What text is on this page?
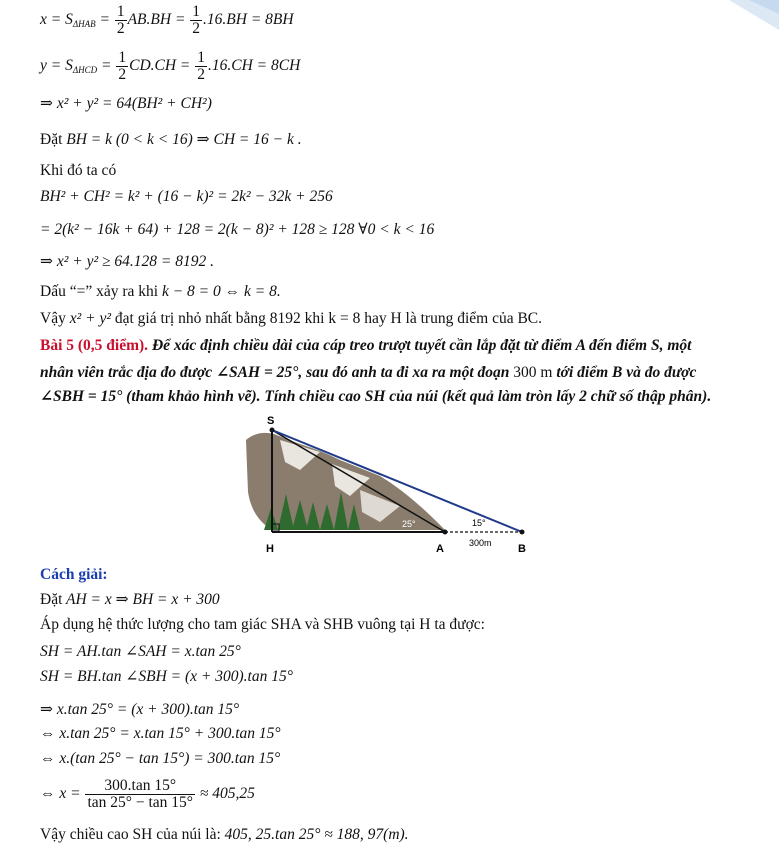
$x = S_{\Delta HAB} = \frac{1}{2} AB.BH = \frac{1}{2} .16.BH = 8BH$
$y = S_{\Delta HCD} = \frac{1}{2} CD.CH = \frac{1}{2} .16.CH = 8CH$
⇒ x² + y² = 64(BH² + CH²)
Đặt BH = k (0 < k < 16) ⇒ CH = 16 − k .
Khi đó ta có
BH² + CH² = k² + (16 − k)² = 2k² − 32k + 256
= 2(k² − 16k + 64) + 128 = 2(k − 8)² + 128 ≥ 128 ∀0 < k < 16
⇒ x² + y² ≥ 64.128 = 8192 .
Dấu “=” xảy ra khi k − 8 = 0 ⇔ k = 8.
Vậy x² + y² đạt giá trị nhỏ nhất bằng 8192 khi k = 8 hay H là trung điểm của BC.
Bài 5 (0,5 điểm). Để xác định chiều dài của cáp treo trượt tuyết cần lắp đặt từ điểm A đến điểm S, một
nhân viên trắc địa đo được ∠SAH = 25°, sau đó anh ta đi xa ra một đoạn 300 m tới điểm B và đo được
∠SBH = 15° (tham khảo hình vẽ). Tính chiều cao SH của núi (kết quả làm tròn lấy 2 chữ số thập phân).
S
H	A	B
25°	15°
300m
Cách giải:
Đặt AH = x ⇒ BH = x + 300
Áp dụng hệ thức lượng cho tam giác SHA và SHB vuông tại H ta được:
SH = AH.tan ∠SAH = x.tan 25°
SH = BH.tan ∠SBH = (x + 300).tan 15°
⇒ x.tan 25° = (x + 300).tan 15°
⇔ x.tan 25° = x.tan 15° + 300.tan 15°
⇔ x.(tan 25° − tan 15°) = 300.tan 15°
⇔ $x = \frac{300.\tan 15^\circ}{\tan 25^\circ - \tan 15^\circ} \approx 405,25$
Vậy chiều cao SH của núi là: 405, 25.tan 25° ≈ 188, 97(m).
